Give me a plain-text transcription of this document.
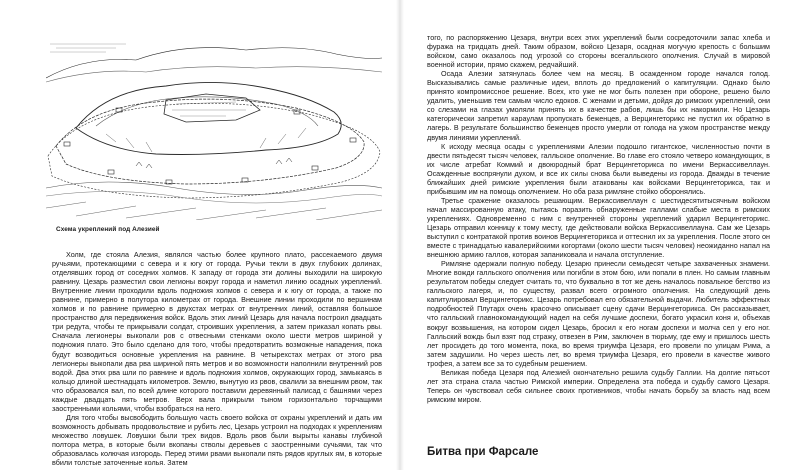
Схема укреплений под Алезией

Холм, где стояла Алезия, являлся частью более крупного плато, рассекаемого двумя ручьями, протекающими с севера и к югу от города. Ручьи текли в двух глубоких долинах, отделявших город от соседних холмов. К западу от города эти долины выходили на широкую равнину. Цезарь разместил свои легионы вокруг города и наметил линию осадных укреплений. Внутренние линии проходили вдоль подножия холмов с севера и к югу от города, а также по равнине, примерно в полутора километрах от города. Внешние линии проходили по вершинам холмов и по равнине примерно в двухстах метрах от внутренних линий, оставляя большое пространство для передвижения войск. Вдоль этих линий Цезарь для начала построил двадцать три редута, чтобы те прикрывали солдат, строивших укрепления, а затем приказал копать рвы. Сначала легионеры выкопали ров с отвесными стенками около шести метров шириной у подножия плато. Это было сделано для того, чтобы предотвратить возможные нападения, пока будут возводиться основные укрепления на равнине. В четырехстах метрах от этого рва легионеры выкопали два рва шириной пять метров и во возможности наполнили внутренний ров водой. Два этих рва шли по равнине и вдоль подножия холмов, окружающих город, замыкаясь в кольцо длиной шестнадцать километров. Землю, вынутую из рвов, свалили за внешним рвом, так что образовался вал, по всей длине которого поставили деревянный палисад с башнями через каждые двадцать пять метров. Верх вала прикрыли тыном горизонтально торчащими заостренными кольями, чтобы взобраться на него.

Для того чтобы высвободить большую часть своего войска от охраны укреплений и дать им возможность добывать продовольствие и рубить лес, Цезарь устроил на подходах к укреплениям множество ловушек. Ловушки были трех видов. Вдоль рвов были вырыты канавы глубиной полтора метра, в которые были вкопаны стволы деревьев с заостренными сучьями, так что образовалась колючая изгородь. Перед этими рвами выкопали пять рядов круглых ям, в которые вбили толстые заточенные колья. Затем

того, по распоряжению Цезаря, внутри всех этих укреплений были сосредоточили запас хлеба и фуража на тридцать дней. Таким образом, войско Цезаря, осадная могучую крепость с большим войском, само оказалось под угрозой со стороны всегалльского ополчения. Случай в мировой военной истории, прямо скажем, редчайший.

Осада Алезии затянулась более чем на месяц. В осажденном городе начался голод. Высказывались самые различные идеи, вплоть до предложений о капитуляции. Однако было принято компромиссное решение. Всех, кто уже не мог быть полезен при обороне, решено было удалить, уменьшив тем самым число едоков. С женами и детьми, дойдя до римских укреплений, они со слезами на глазах умоляли принять их в качестве рабов, лишь бы их накормили. Но Цезарь категорически запретил караулам пропускать беженцев, а Верцингеторикс не пустил их обратно в лагерь. В результате большинство беженцев просто умерли от голода на узком пространстве между двумя линиями укреплений.

К исходу месяца осады с укреплениями Алезии подошло гигантское, численностью почти в двести пятьдесят тысяч человек, галльское ополчение. Во главе его стояло четверо командующих, в их числе атребат Коммий и двоюродный брат Верцингеторикса по имени Веркассивеллаун. Осажденные воспрянули духом, и все их силы снова были выведены из города. Дважды в течение ближайших дней римские укрепления были атакованы как войсками Верцингеторикса, так и прибывшим им на помощь ополчением. Но оба раза римляне стойко оборонялись.

Третье сражение оказалось решающим. Веркассивеллаун с шестидесятитысячным войском начал массированную атаку, пытаясь поразить обнаруженные галлами слабые места в римских укреплениях. Одновременно с ним с внутренней стороны укреплений ударил Верцингеторикс. Цезарь отправил конницу к тому месту, где действовали войска Веркассивеллауна. Сам же Цезарь выступил с контратакой против воинов Верцингеторикса и оттеснил их за укрепления. После этого он вместе с тринадцатью кавалерийскими когортами (около шести тысяч человек) неожиданно напал на внешнюю армию галлов, которая запаниковала и начала отступление.

Римляне одержали полную победу. Цезарю принесли семьдесят четыре захваченных знамени. Многие вожди галльского ополчения или погибли в этом бою, или попали в плен. Но самым главным результатом победы следует считать то, что буквально в тот же день началось повальное бегство из галльского лагеря, и, по существу, развал всего огромного ополчения. На следующий день капитулировал Верцингеторикс. Цезарь потребовал его обязательной выдачи. Любитель эффектных подробностей Плутарх очень красочно описывает сцену сдачи Верцингеторикса. Он рассказывает, что галльский главнокомандующий надел на себя лучшие доспехи, богато украсил коня и, объехав вокруг возвышения, на котором сидел Цезарь, бросил к его ногам доспехи и молча сел у его ног. Галльский вождь был взят под стражу, отвезен в Рим, заключен в тюрьму, где ему и пришлось шесть лет просидеть до того момента, пока, во время триумфа Цезаря, его провели по улицам Рима, а затем задушили. Но через шесть лет, во время триумфа Цезаря, его провели в качестве живого трофея, а затем все за то судебным решением.

Великая победа Цезаря под Алезией окончательно решила судьбу Галлии. На долгие пятьсот лет эта страна стала частью Римской империи. Определена эта победа и судьбу самого Цезаря. Теперь он чувствовал себя сильнее своих противников, чтобы начать борьбу за власть над всем римским миром.

Битва при Фарсале
